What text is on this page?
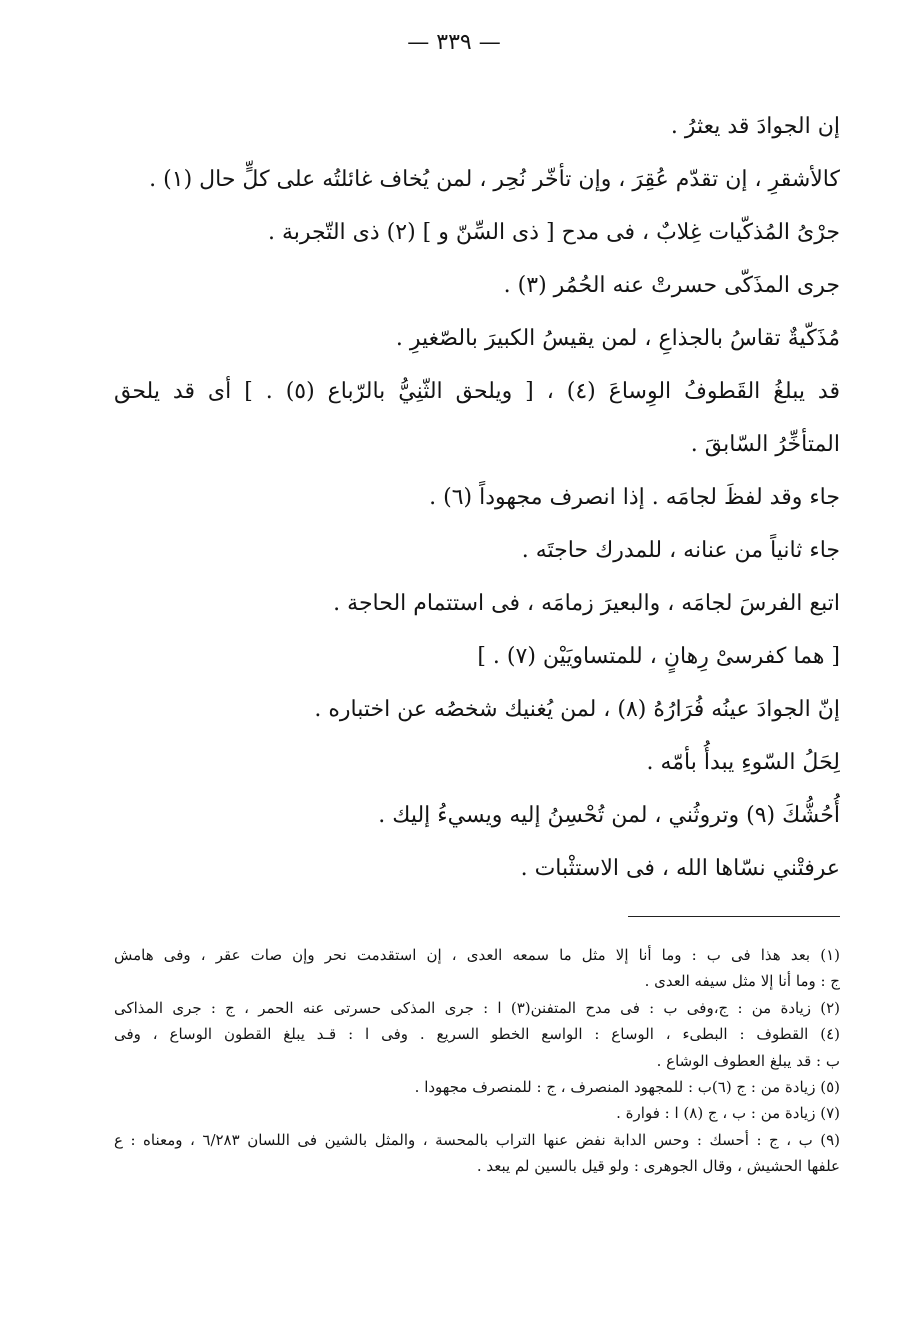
— ٣٣٩ —
إن الجوادَ قد يعثرُ .
كالأشقرِ ، إن تقدّم عُقِرَ ، وإن تأخّر نُحِر ، لمن يُخاف غائلتُه على كلٍّ حال (١) .
جرْىُ المُذكّيات غِلابٌ ، فى مدح [ ذى السِّنّ و ] (٢) ذى التّجربة .
جرى المذَكّى حسرتْ عنه الحُمُر (٣) .
مُذَكّيةٌ تقاسُ بالجذاعِ ، لمن يقيسُ الكبيرَ بالصّغيرِ .
قد يبلغُ القَطوفُ الوِساعَ (٤) ، [ ويلحق الثّنِيُّ بالرّباع (٥) . ] أى قد يلحق
المتأخِّرُ السّابقَ .
جاء وقد لفظَ لجامَه . إذا انصرف مجهوداً (٦) .
جاء ثانياً من عنانه ، للمدرك حاجتَه .
اتبع الفرسَ لجامَه ، والبعيرَ زمامَه ، فى استتمام الحاجة .
[ هما كفرسىْ رِهانٍ ، للمتساويَيْن (٧) . ]
إنّ الجوادَ عينُه فُرَارُهُ (٨) ، لمن يُغنيك شخصُه عن اختباره .
لِحَلُ السّوءِ يبدأُ بأمّه .
أُحُشُّكَ (٩) وتروثُني ، لمن تُحْسِنُ إليه ويسيءُ إليك .
عرفتْني نسّاها الله ، فى الاستثْبات .
(١) بعد هذا فى ب : وما أنا إلا مثل ما سمعه العدى ، إن استقدمت نحر وإن صات عقر ، وفى هامش
ج : وما أنا إلا مثل سيفه العدى .
(٢) زيادة من : ج،وفى ب : فى مدح المتفنن(٣) ا : جرى المذكى حسرتى عنه الحمر ، ج : جرى المذاكى
(٤) القطوف : البطىء ، الوساع : الواسع الخطو السريع . وفى ا : قـد يبلغ القطون الوساع ، وفى
ب : قد يبلغ العطوف الوشاع .
(٥) زيادة من : ج (٦)ب : للمجهود المنصرف ، ج : للمنصرف مجهودا .
(٧) زيادة من : ب ، ج (٨) ا : فوارة .
(٩) ب ، ج : أحسك : وحس الدابة نفض عنها التراب بالمحسة ، والمثل بالشين فى اللسان ٦/٢٨٣ ، ومعناه : ع
علفها الحشيش ، وقال الجوهرى : ولو قيل بالسين لم يبعد .
